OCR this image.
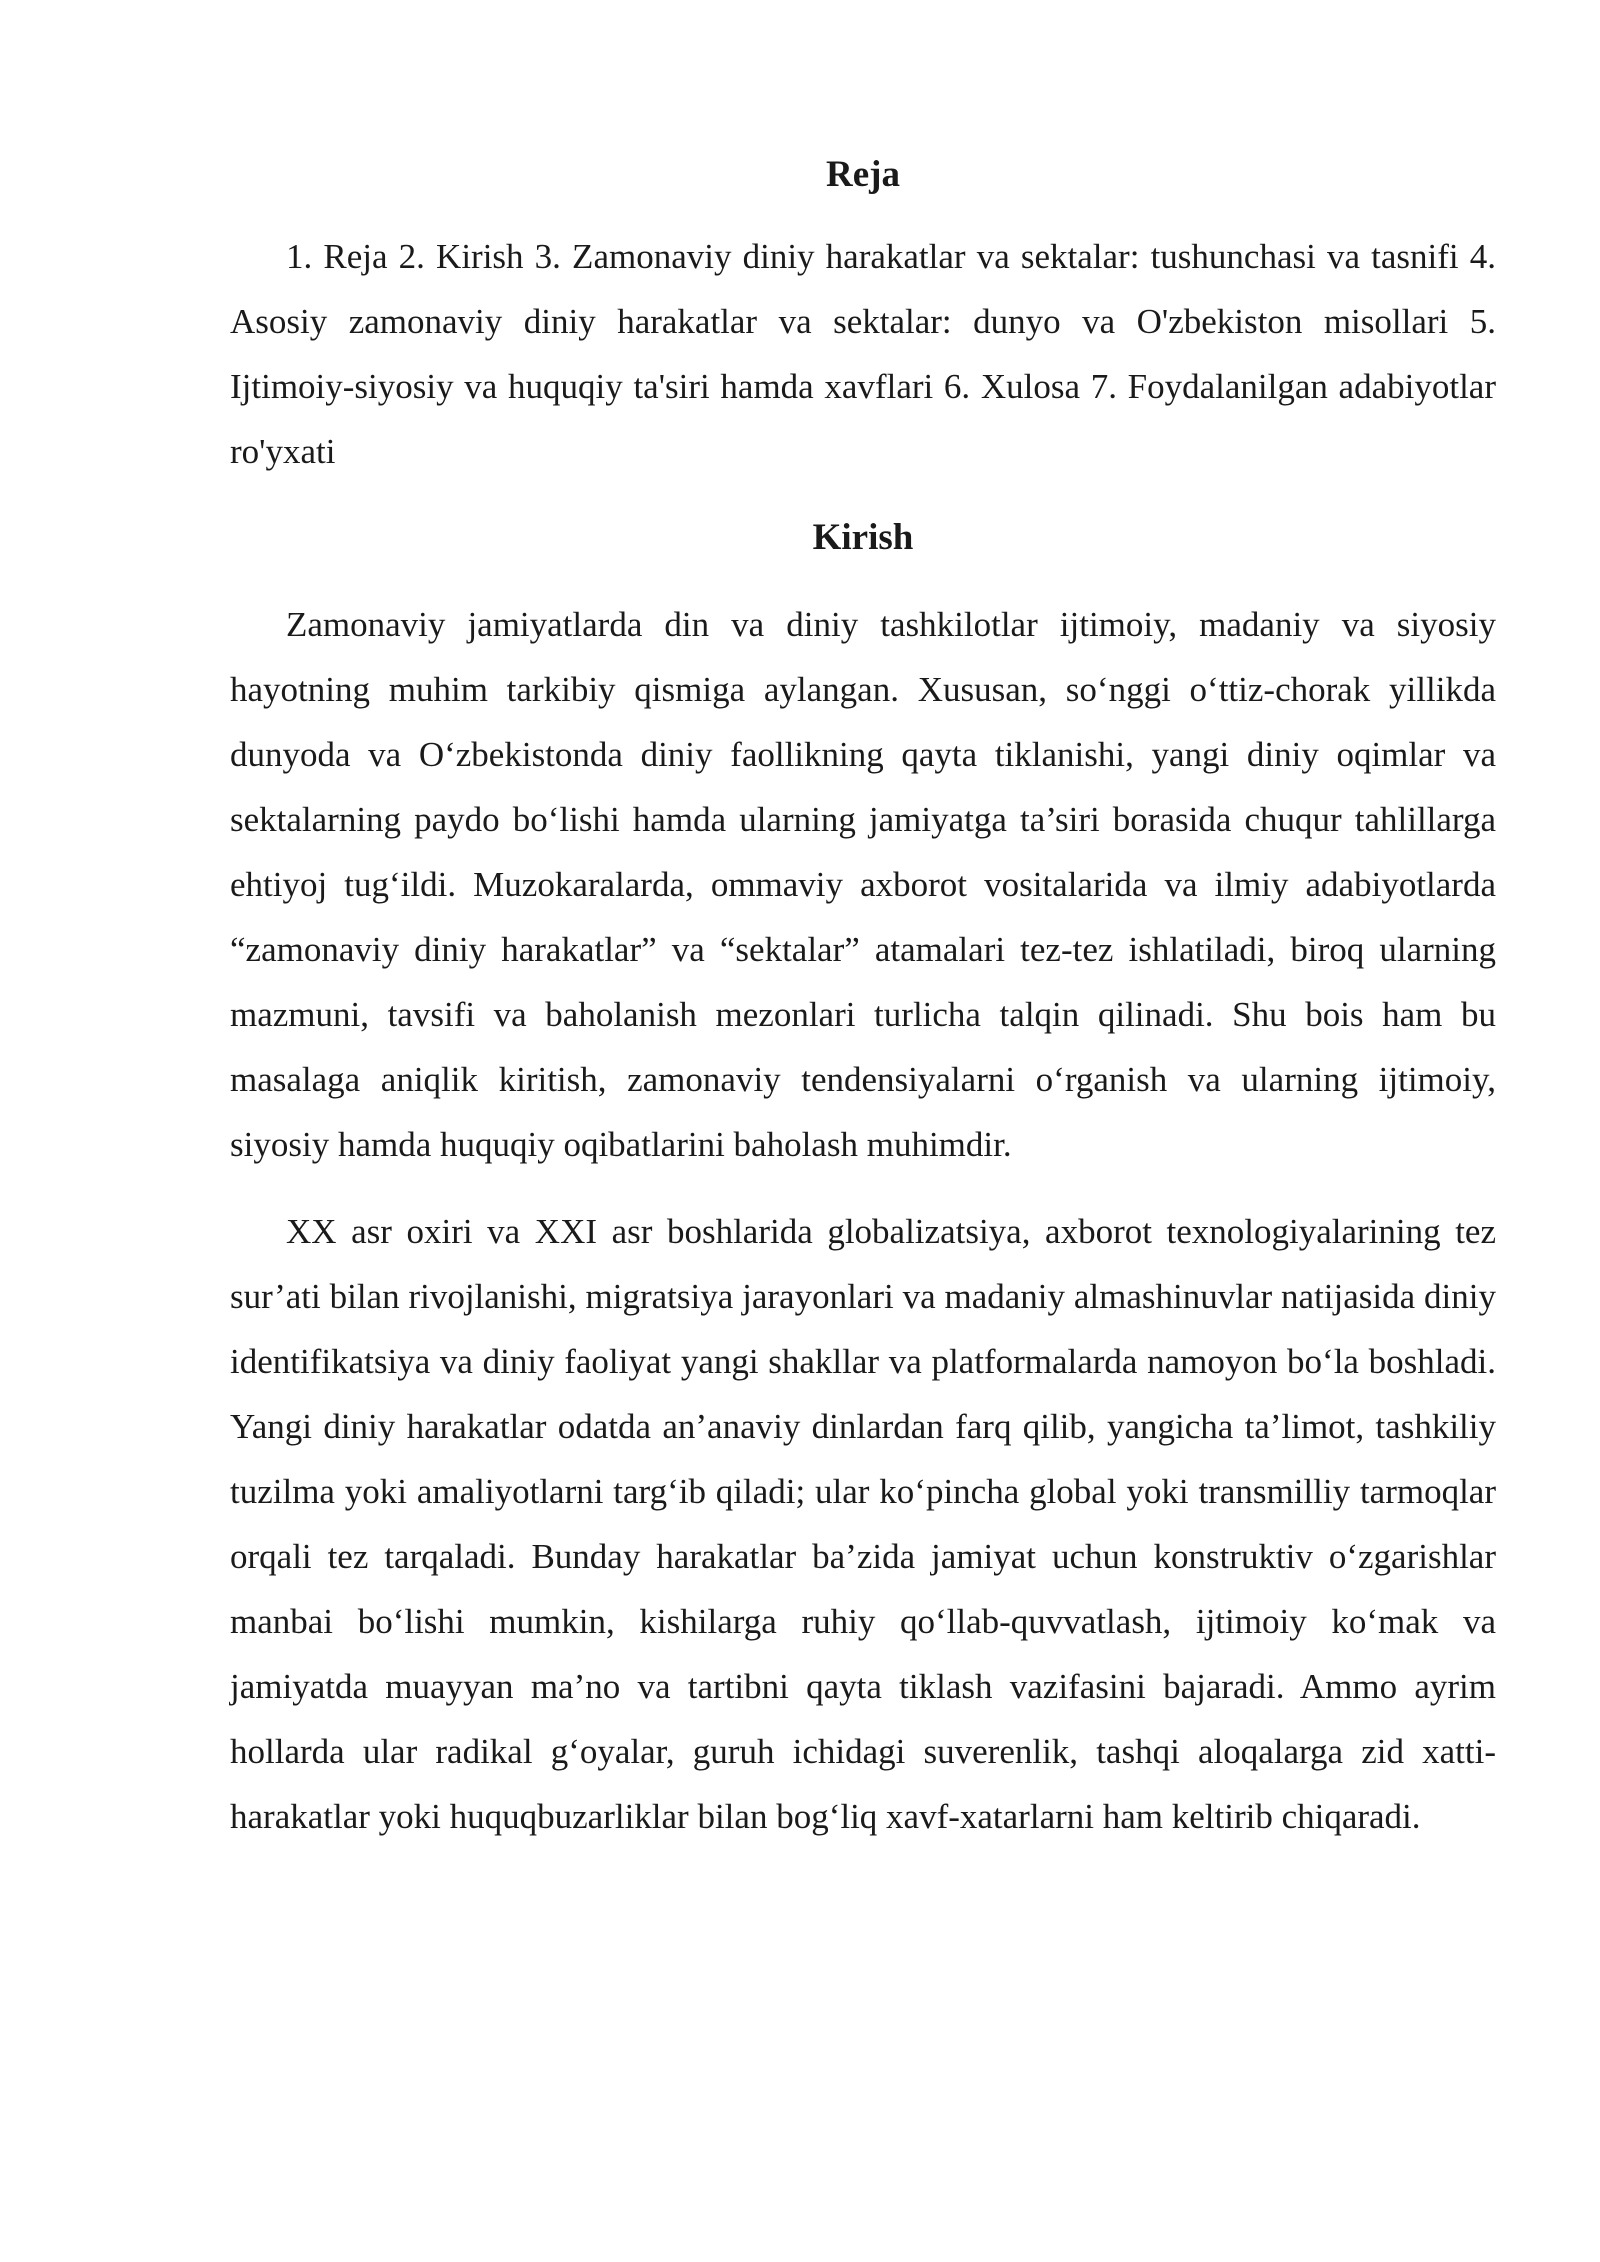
Reja

1. Reja 2. Kirish 3. Zamonaviy diniy harakatlar va sektalar: tushunchasi va tasnifi 4. Asosiy zamonaviy diniy harakatlar va sektalar: dunyo va O'zbekiston misollari 5. Ijtimoiy-siyosiy va huquqiy ta'siri hamda xavflari 6. Xulosa 7. Foydalanilgan adabiyotlar ro'yxati

Kirish

Zamonaviy jamiyatlarda din va diniy tashkilotlar ijtimoiy, madaniy va siyosiy hayotning muhim tarkibiy qismiga aylangan. Xususan, so‘nggi o‘ttiz-chorak yillikda dunyoda va O‘zbekistonda diniy faollikning qayta tiklanishi, yangi diniy oqimlar va sektalarning paydo bo‘lishi hamda ularning jamiyatga ta’siri borasida chuqur tahlillarga ehtiyoj tug‘ildi. Muzokaralarda, ommaviy axborot vositalarida va ilmiy adabiyotlarda “zamonaviy diniy harakatlar” va “sektalar” atamalari tez-tez ishlatiladi, biroq ularning mazmuni, tavsifi va baholanish mezonlari turlicha talqin qilinadi. Shu bois ham bu masalaga aniqlik kiritish, zamonaviy tendensiyalarni o‘rganish va ularning ijtimoiy, siyosiy hamda huquqiy oqibatlarini baholash muhimdir.

XX asr oxiri va XXI asr boshlarida globalizatsiya, axborot texnologiyalarining tez sur’ati bilan rivojlanishi, migratsiya jarayonlari va madaniy almashinuvlar natijasida diniy identifikatsiya va diniy faoliyat yangi shakllar va platformalarda namoyon bo‘la boshladi. Yangi diniy harakatlar odatda an’anaviy dinlardan farq qilib, yangicha ta’limot, tashkiliy tuzilma yoki amaliyotlarni targ‘ib qiladi; ular ko‘pincha global yoki transmilliy tarmoqlar orqali tez tarqaladi. Bunday harakatlar ba’zida jamiyat uchun konstruktiv o‘zgarishlar manbai bo‘lishi mumkin, kishilarga ruhiy qo‘llab-quvvatlash, ijtimoiy ko‘mak va jamiyatda muayyan ma’no va tartibni qayta tiklash vazifasini bajaradi. Ammo ayrim hollarda ular radikal g‘oyalar, guruh ichidagi suverenlik, tashqi aloqalarga zid xatti-harakatlar yoki huquqbuzarliklar bilan bog‘liq xavf-xatarlarni ham keltirib chiqaradi.
